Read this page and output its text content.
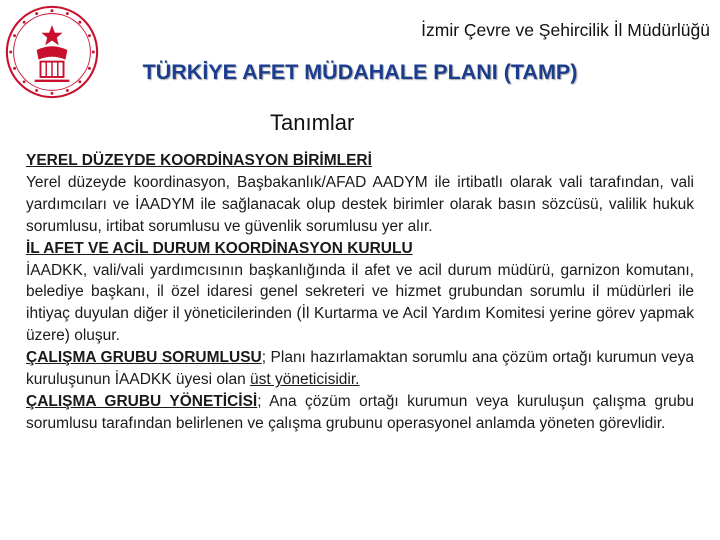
İzmir Çevre ve Şehircilik İl Müdürlüğü
TÜRKİYE AFET MÜDAHALE PLANI (TAMP)
Tanımlar

YEREL DÜZEYDE KOORDİNASYON BİRİMLERİ

Yerel düzeyde koordinasyon, Başbakanlık/AFAD AADYM ile irtibatlı olarak vali tarafından, vali yardımcıları ve İAADYM ile sağlanacak olup destek birimler olarak basın sözcüsü, valilik hukuk sorumlusu, irtibat sorumlusu ve güvenlik sorumlusu yer alır.

İL AFET VE ACİL DURUM KOORDİNASYON KURULU

İAADKK, vali/vali yardımcısının başkanlığında il afet ve acil durum müdürü, garnizon komutanı, belediye başkanı, il özel idaresi genel sekreteri ve hizmet grubundan sorumlu il müdürleri ile ihtiyaç duyulan diğer il yöneticilerinden (İl Kurtarma ve Acil Yardım Komitesi yerine görev yapmak üzere) oluşur.

ÇALIŞMA GRUBU SORUMLUSU; Planı hazırlamaktan sorumlu ana çözüm ortağı kurumun veya kuruluşunun İAADKK üyesi olan üst yöneticisidir.

ÇALIŞMA GRUBU YÖNETİCİSİ; Ana çözüm ortağı kurumun veya kuruluşun çalışma grubu sorumlusu tarafından belirlenen ve çalışma grubunu operasyonel anlamda yöneten görevlidir.
